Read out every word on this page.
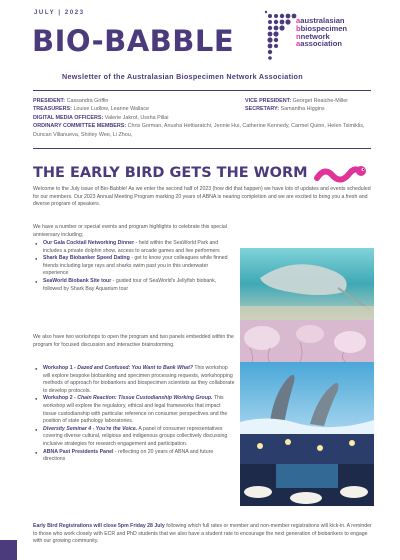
JULY | 2023
BIO-BABBLE
aaustralasian
bbiospecimen
nnetwork
aassociation
Newsletter of the Australasian Biospecimen Network Association
PRESIDENT: Cassandra Griffin	VICE PRESIDENT: Georget Reaiche-Miller
TREASURERS: Louise Ludlow, Leanne Wallace	SECRETARY: Samantha Higgins
DIGITAL MEDIA OFFICERS: Valerie Jakrot, Ussha Pillai
ORDINARY COMMITTEE MEMBERS: Chris Gorman, Anusha Hettiaratchi, Jennie Hui, Catherine Kennedy, Carmel Quinn, Helen Tsimiklis, Duncan Villanueva, Shirley Wee, Li Zhou,
THE EARLY BIRD GETS THE WORM
Welcome to the July issue of Bio-Babble! As we enter the second half of 2023 (how did that happen) we have lots of updates and events scheduled for our members. Our 2023 Annual Meeting Program marking 20 years of ABNA is nearing completion and we are excited to bring you a fresh and diverse program of speakers.
We have a number or special events and program highlights to celebrate this special anniversary including;
● Our Gala Cocktail Networking Dinner - held within the SeaWorld Park and includes a private dolphin show, access to arcade games and live performers
● Shark Bay Biobanker Speed Dating - get to know your colleagues while finned friends including large rays and sharks swim past you in this underwater experience
● SeaWorld Biobank Site tour - guided tour of SeaWorld's Jellyfish biobank, followed by Shark Bay Aquarium tour
We also have two workshops to open the program and two panels embedded within the program for focused discussion and interactive brainstorming.
● Workshop 1 - Dazed and Confused: You Want to Bank What? This workshop will explore bespoke biobanking and specimen processing requests, workshopping methods of approach for biobankers and biospecimen scientists as they collaborate to develop protocols.
● Workshop 2 - Chain Reaction: Tissue Custodianship Working Group. This workshop will explore the regulatory, ethical and legal frameworks that impact tissue custodianship with particular reference on consumer perspectives and the position of state pathology laboratories.
● Diversity Seminar 4 - You're the Voice. A panel of consumer representatives covering diverse cultural, religious and indigenous groups collectively discussing inclusive strategies for research engagement and participation.
● ABNA Past Presidents Panel - reflecting on 20 years of ABNA and future directions
Early Bird Registrations will close 5pm Friday 28 July following which full rates or member and non-member registrations will kick-in. A reminder to those who work closely with ECR and PhD students that we also have a student rate to encourage the next generation of biobankers to engage with our growing community.
